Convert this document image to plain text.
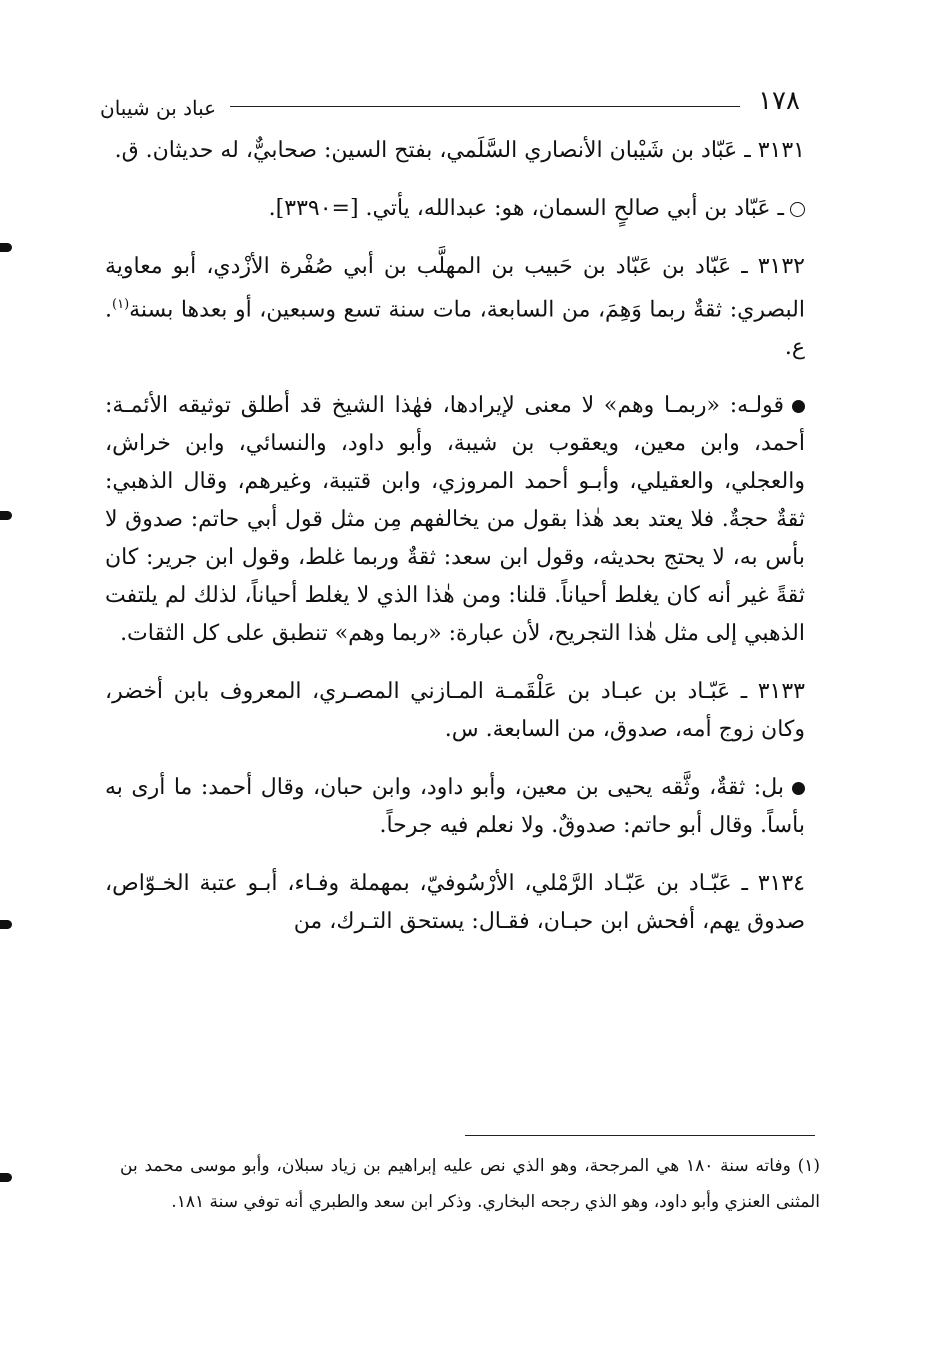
١٧٨
عباد بن شيبان

٣١٣١ ـ عَبّاد بن شَيْبان الأنصاري السَّلَمي، بفتح السين: صحابيٌّ، له حديثان. ق.

ـ عَبّاد بن أبي صالحٍ السمان، هو: عبدالله، يأتي. [=٣٣٩٠].

٣١٣٢ ـ عَبّاد بن عَبّاد بن حَبيب بن المهلَّب بن أبي صُفْرة الأزْدي، أبو معاوية البصري: ثقةٌ ربما وَهِمَ، من السابعة، مات سنة تسع وسبعين، أو بعدها بسنة$^{(١)}$. ع.

قولـه: «ربمـا وهم» لا معنى لإيرادها، فهٰذا الشيخ قد أطلق توثيقه الأئمـة: أحمد، وابن معين، ويعقوب بن شيبة، وأبو داود، والنسائي، وابن خراش، والعجلي، والعقيلي، وأبـو أحمد المروزي، وابن قتيبة، وغيرهم، وقال الذهبي: ثقةٌ حجةٌ. فلا يعتد بعد هٰذا بقول من يخالفهم مِن مثل قول أبي حاتم: صدوق لا بأس به، لا يحتج بحديثه، وقول ابن سعد: ثقةٌ وربما غلط، وقول ابن جرير: كان ثقةً غير أنه كان يغلط أحياناً. قلنا: ومن هٰذا الذي لا يغلط أحياناً، لذلك لم يلتفت الذهبي إلى مثل هٰذا التجريح، لأن عبارة: «ربما وهم» تنطبق على كل الثقات.

٣١٣٣ ـ عَبّـاد بن عبـاد بن عَلْقَمـة المـازني المصـري، المعروف بابن أخضر، وكان زوج أمه، صدوق، من السابعة. س.

بل: ثقةٌ، وثَّقه يحيى بن معين، وأبو داود، وابن حبان، وقال أحمد: ما أرى به بأساً. وقال أبو حاتم: صدوقٌ. ولا نعلم فيه جرحاً.

٣١٣٤ ـ عَبّـاد بن عَبّـاد الرَّمْلي، الأرْسُوفيّ، بمهملة وفـاء، أبـو عتبة الخـوّاص، صدوق يهم، أفحش ابن حبـان، فقـال: يستحق التـرك، من

(١) وفاته سنة ١٨٠ هي المرجحة، وهو الذي نص عليه إبراهيم بن زياد سبلان، وأبو موسى محمد بن المثنى العنزي وأبو داود، وهو الذي رجحه البخاري. وذكر ابن سعد والطبري أنه توفي سنة ١٨١.
